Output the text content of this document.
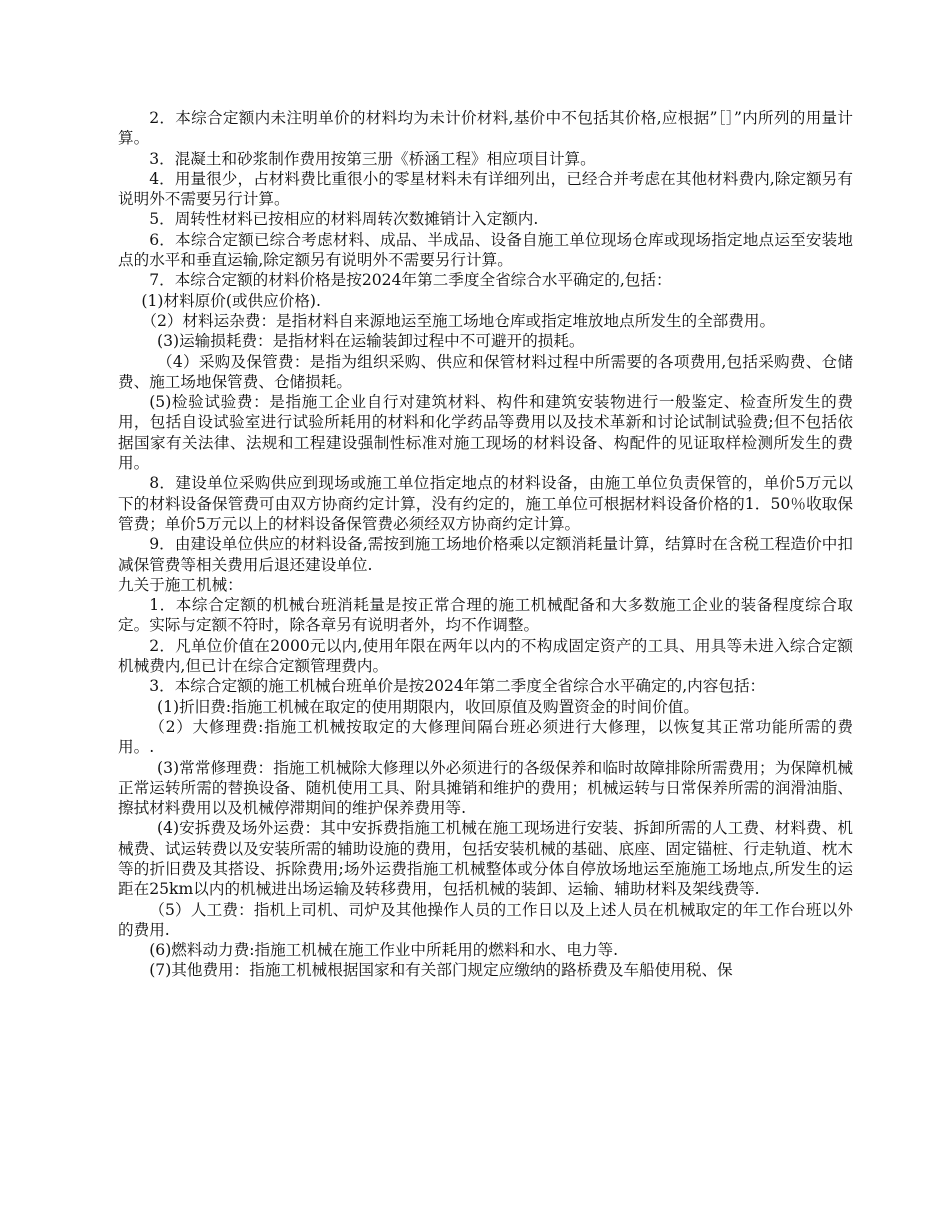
2．本综合定额内未注明单价的材料均为未计价材料,基价中不包括其价格,应根据”［］”内所列的用量计算。

3．混凝土和砂浆制作费用按第三册《桥涵工程》相应项目计算。

4．用量很少，占材料费比重很小的零星材料未有详细列出，已经合并考虑在其他材料费内,除定额另有说明外不需要另行计算。

5．周转性材料已按相应的材料周转次数摊销计入定额内.

6．本综合定额已综合考虑材料、成品、半成品、设备自施工单位现场仓库或现场指定地点运至安装地点的水平和垂直运输,除定额另有说明外不需要另行计算。

7．本综合定额的材料价格是按2024年第二季度全省综合水平确定的,包括：

(1)材料原价(或供应价格).

（2）材料运杂费：是指材料自来源地运至施工场地仓库或指定堆放地点所发生的全部费用。

(3)运输损耗费：是指材料在运输装卸过程中不可避开的损耗。

（4）采购及保管费：是指为组织采购、供应和保管材料过程中所需要的各项费用,包括采购费、仓储费、施工场地保管费、仓储损耗。

(5)检验试验费：是指施工企业自行对建筑材料、构件和建筑安装物进行一般鉴定、检查所发生的费用，包括自设试验室进行试验所耗用的材料和化学药品等费用以及技术革新和讨论试制试验费;但不包括依据国家有关法律、法规和工程建设强制性标准对施工现场的材料设备、构配件的见证取样检测所发生的费用。

8．建设单位采购供应到现场或施工单位指定地点的材料设备，由施工单位负责保管的，单价5万元以下的材料设备保管费可由双方协商约定计算，没有约定的，施工单位可根据材料设备价格的1．50％收取保管费；单价5万元以上的材料设备保管费必须经双方协商约定计算。

9．由建设单位供应的材料设备,需按到施工场地价格乘以定额消耗量计算，结算时在含税工程造价中扣减保管费等相关费用后退还建设单位.

九关于施工机械：

1．本综合定额的机械台班消耗量是按正常合理的施工机械配备和大多数施工企业的装备程度综合取定。实际与定额不符时，除各章另有说明者外，均不作调整。

2．凡单位价值在2000元以内,使用年限在两年以内的不构成固定资产的工具、用具等未进入综合定额机械费内,但已计在综合定额管理费内。

3．本综合定额的施工机械台班单价是按2024年第二季度全省综合水平确定的,内容包括：

(1)折旧费:指施工机械在取定的使用期限内，收回原值及购置资金的时间价值。

（2）大修理费:指施工机械按取定的大修理间隔台班必须进行大修理，以恢复其正常功能所需的费用。.

(3)常常修理费：指施工机械除大修理以外必须进行的各级保养和临时故障排除所需费用；为保障机械正常运转所需的替换设备、随机使用工具、附具摊销和维护的费用；机械运转与日常保养所需的润滑油脂、擦拭材料费用以及机械停滞期间的维护保养费用等.

(4)安拆费及场外运费：其中安拆费指施工机械在施工现场进行安装、拆卸所需的人工费、材料费、机械费、试运转费以及安装所需的辅助设施的费用，包括安装机械的基础、底座、固定锚桩、行走轨道、枕木等的折旧费及其搭设、拆除费用;场外运费指施工机械整体或分体自停放场地运至施施工场地点,所发生的运距在25km以内的机械进出场运输及转移费用，包括机械的装卸、运输、辅助材料及架线费等.

（5）人工费：指机上司机、司炉及其他操作人员的工作日以及上述人员在机械取定的年工作台班以外的费用.

(6)燃料动力费:指施工机械在施工作业中所耗用的燃料和水、电力等.

(7)其他费用：指施工机械根据国家和有关部门规定应缴纳的路桥费及车船使用税、保
